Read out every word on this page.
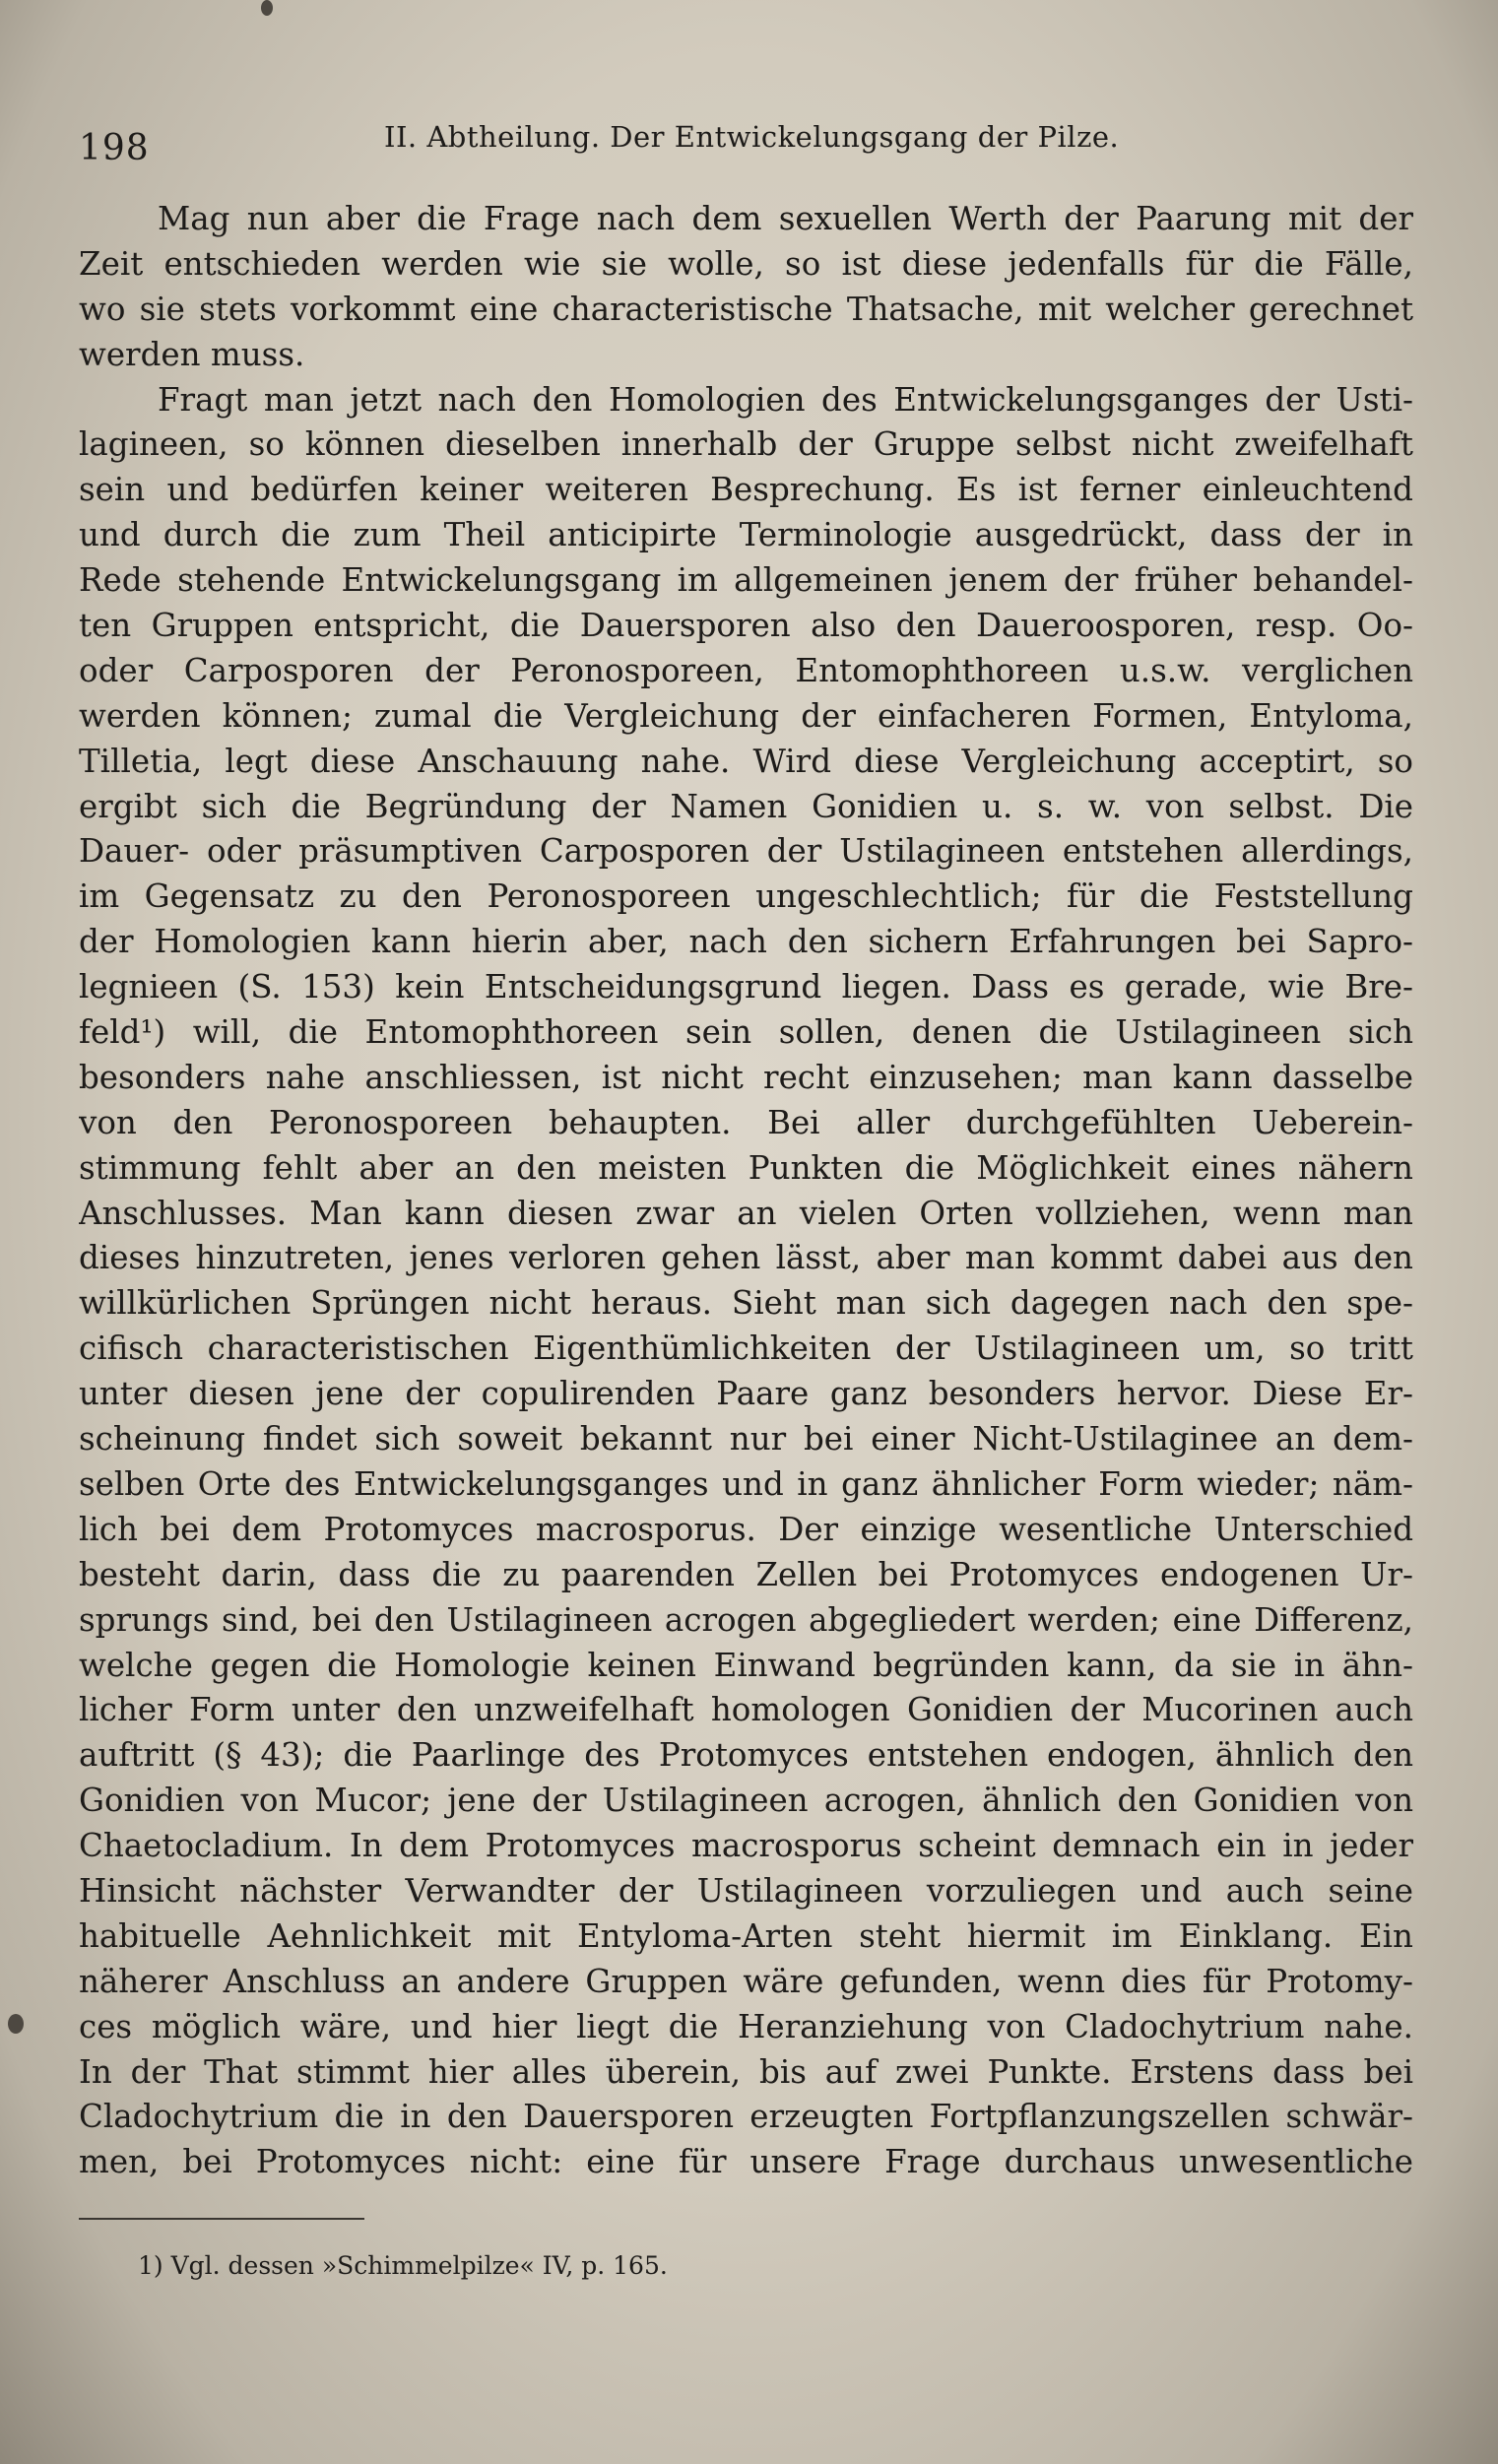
198	II. Abtheilung. Der Entwickelungsgang der Pilze.
Mag nun aber die Frage nach dem sexuellen Werth der Paarung mit der
Zeit entschieden werden wie sie wolle, so ist diese jedenfalls für die Fälle,
wo sie stets vorkommt eine characteristische Thatsache, mit welcher gerechnet
werden muss.
Fragt man jetzt nach den Homologien des Entwickelungsganges der Usti-
lagineen, so können dieselben innerhalb der Gruppe selbst nicht zweifelhaft
sein und bedürfen keiner weiteren Besprechung. Es ist ferner einleuchtend
und durch die zum Theil anticipirte Terminologie ausgedrückt, dass der in
Rede stehende Entwickelungsgang im allgemeinen jenem der früher behandel-
ten Gruppen entspricht, die Dauersporen also den Daueroosporen, resp. Oo-
oder Carposporen der Peronosporeen, Entomophthoreen u.s.w. verglichen
werden können; zumal die Vergleichung der einfacheren Formen, Entyloma,
Tilletia, legt diese Anschauung nahe. Wird diese Vergleichung acceptirt, so
ergibt sich die Begründung der Namen Gonidien u. s. w. von selbst. Die
Dauer- oder präsumptiven Carposporen der Ustilagineen entstehen allerdings,
im Gegensatz zu den Peronosporeen ungeschlechtlich; für die Feststellung
der Homologien kann hierin aber, nach den sichern Erfahrungen bei Sapro-
legnieen (S. 153) kein Entscheidungsgrund liegen. Dass es gerade, wie Bre-
feld¹) will, die Entomophthoreen sein sollen, denen die Ustilagineen sich
besonders nahe anschliessen, ist nicht recht einzusehen; man kann dasselbe
von den Peronosporeen behaupten. Bei aller durchgefühlten Ueberein-
stimmung fehlt aber an den meisten Punkten die Möglichkeit eines nähern
Anschlusses. Man kann diesen zwar an vielen Orten vollziehen, wenn man
dieses hinzutreten, jenes verloren gehen lässt, aber man kommt dabei aus den
willkürlichen Sprüngen nicht heraus. Sieht man sich dagegen nach den spe-
cifisch characteristischen Eigenthümlichkeiten der Ustilagineen um, so tritt
unter diesen jene der copulirenden Paare ganz besonders hervor. Diese Er-
scheinung findet sich soweit bekannt nur bei einer Nicht-Ustilaginee an dem-
selben Orte des Entwickelungsganges und in ganz ähnlicher Form wieder; näm-
lich bei dem Protomyces macrosporus. Der einzige wesentliche Unterschied
besteht darin, dass die zu paarenden Zellen bei Protomyces endogenen Ur-
sprungs sind, bei den Ustilagineen acrogen abgegliedert werden; eine Differenz,
welche gegen die Homologie keinen Einwand begründen kann, da sie in ähn-
licher Form unter den unzweifelhaft homologen Gonidien der Mucorinen auch
auftritt (§ 43); die Paarlinge des Protomyces entstehen endogen, ähnlich den
Gonidien von Mucor; jene der Ustilagineen acrogen, ähnlich den Gonidien von
Chaetocladium. In dem Protomyces macrosporus scheint demnach ein in jeder
Hinsicht nächster Verwandter der Ustilagineen vorzuliegen und auch seine
habituelle Aehnlichkeit mit Entyloma-Arten steht hiermit im Einklang. Ein
näherer Anschluss an andere Gruppen wäre gefunden, wenn dies für Protomy-
ces möglich wäre, und hier liegt die Heranziehung von Cladochytrium nahe.
In der That stimmt hier alles überein, bis auf zwei Punkte. Erstens dass bei
Cladochytrium die in den Dauersporen erzeugten Fortpflanzungszellen schwär-
men, bei Protomyces nicht: eine für unsere Frage durchaus unwesentliche
1) Vgl. dessen »Schimmelpilze« IV, p. 165.
